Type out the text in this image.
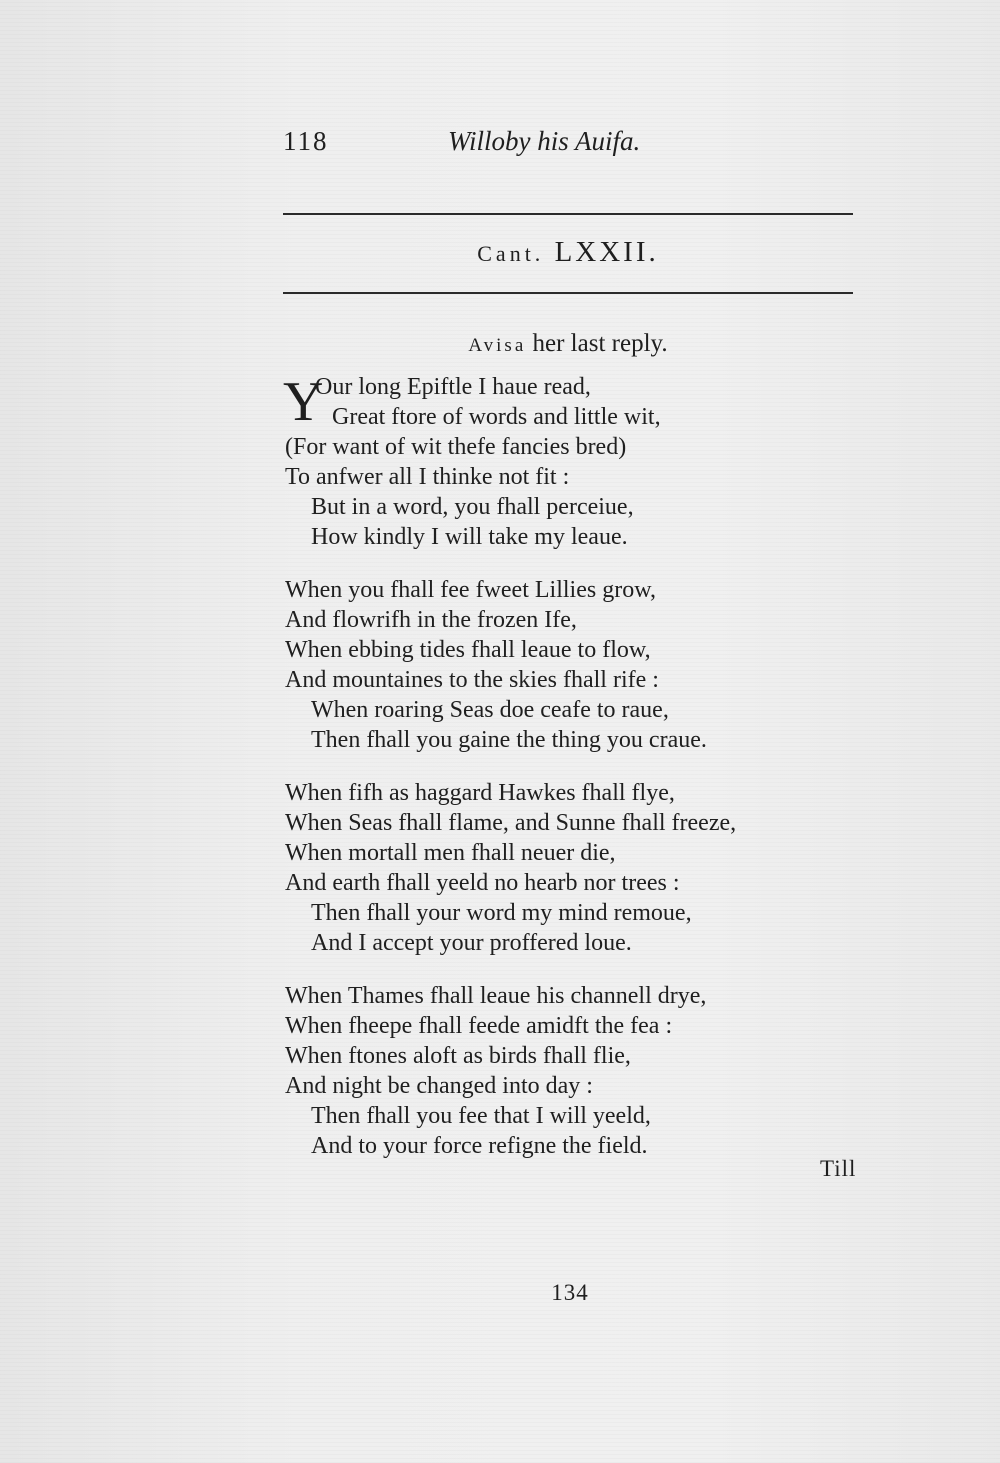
118	Willoby his Auifa.
Cant. LXXII.
Avisa her last reply.
Y
Our long Epiftle I haue read,
Great ftore of words and little wit,
(For want of wit thefe fancies bred)
To anfwer all I thinke not fit :
But in a word, you fhall perceiue,
How kindly I will take my leaue.
When you fhall fee fweet Lillies grow,
And flowrifh in the frozen Ife,
When ebbing tides fhall leaue to flow,
And mountaines to the skies fhall rife :
When roaring Seas doe ceafe to raue,
Then fhall you gaine the thing you craue.
When fifh as haggard Hawkes fhall flye,
When Seas fhall flame, and Sunne fhall freeze,
When mortall men fhall neuer die,
And earth fhall yeeld no hearb nor trees :
Then fhall your word my mind remoue,
And I accept your proffered loue.
When Thames fhall leaue his channell drye,
When fheepe fhall feede amidft the fea :
When ftones aloft as birds fhall flie,
And night be changed into day :
Then fhall you fee that I will yeeld,
And to your force refigne the field.
Till
134
